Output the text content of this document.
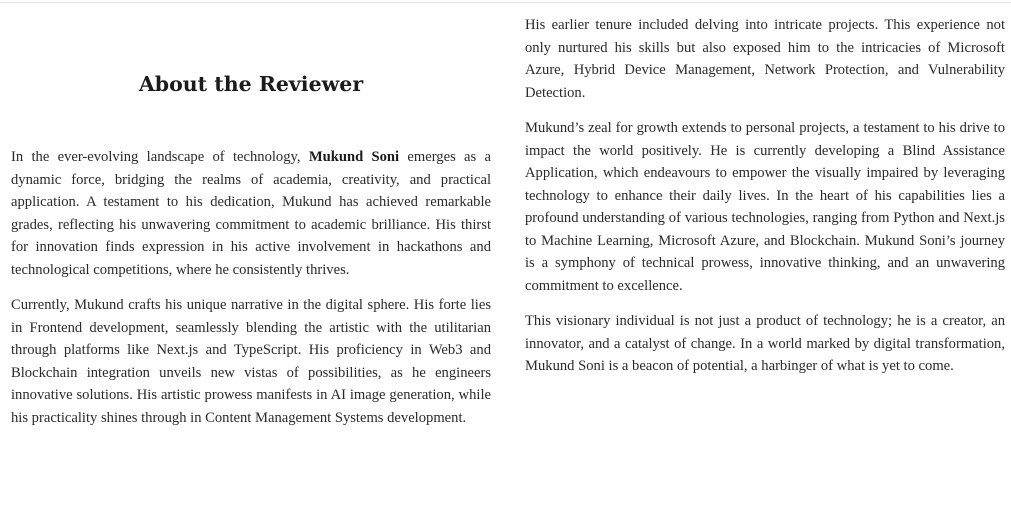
About the Reviewer

In the ever-evolving landscape of technology, Mukund Soni emerges as a dynamic force, bridging the realms of academia, creativity, and practical application. A testament to his dedication, Mukund has achieved remarkable grades, reflecting his unwavering commitment to academic brilliance. His thirst for innovation finds expression in his active involvement in hackathons and technological competitions, where he consistently thrives.

Currently, Mukund crafts his unique narrative in the digital sphere. His forte lies in Frontend development, seamlessly blending the artistic with the utilitarian through platforms like Next.js and TypeScript. His proficiency in Web3 and Blockchain integration unveils new vistas of possibilities, as he engineers innovative solutions. His artistic prowess manifests in AI image generation, while his practicality shines through in Content Management Systems development.

His earlier tenure included delving into intricate projects. This experience not only nurtured his skills but also exposed him to the intricacies of Microsoft Azure, Hybrid Device Management, Network Protection, and Vulnerability Detection.

Mukund’s zeal for growth extends to personal projects, a testament to his drive to impact the world positively. He is currently developing a Blind Assistance Application, which endeavours to empower the visually impaired by leveraging technology to enhance their daily lives. In the heart of his capabilities lies a profound understanding of various technologies, ranging from Python and Next.js to Machine Learning, Microsoft Azure, and Blockchain. Mukund Soni’s journey is a symphony of technical prowess, innovative thinking, and an unwavering commitment to excellence.

This visionary individual is not just a product of technology; he is a creator, an innovator, and a catalyst of change. In a world marked by digital transformation, Mukund Soni is a beacon of potential, a harbinger of what is yet to come.
